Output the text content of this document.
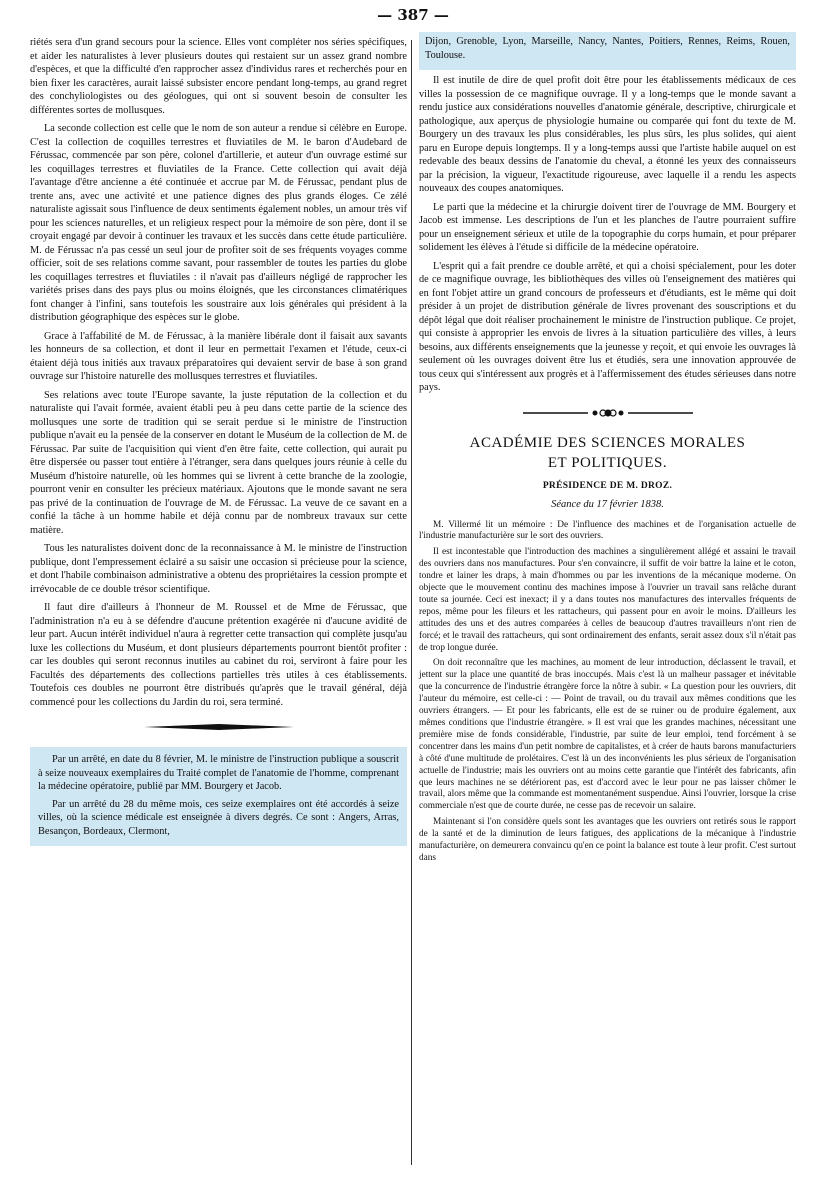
— 387 —

riétés sera d'un grand secours pour la science. Elles vont compléter nos séries spécifiques, et aider les naturalistes à lever plusieurs doutes qui restaient sur un assez grand nombre d'espèces, et que la difficulté d'en rapprocher assez d'individus rares et recherchés pour en bien fixer les caractères, aurait laissé subsister encore pendant long-temps, au grand regret des conchyliologistes ou des géologues, qui ont si souvent besoin de consulter les différentes sortes de mollusques.

La seconde collection est celle que le nom de son auteur a rendue si célèbre en Europe. C'est la collection de coquilles terrestres et fluviatiles de M. le baron d'Audebard de Férussac, commencée par son père, colonel d'artillerie, et auteur d'un ouvrage estimé sur les coquillages terrestres et fluviatiles de la France. Cette collection qui avait déjà l'avantage d'être ancienne a été continuée et accrue par M. de Férussac, pendant plus de trente ans, avec une activité et une patience dignes des plus grands éloges. Ce zélé naturaliste agissait sous l'influence de deux sentiments également nobles, un amour très vif pour les sciences naturelles, et un religieux respect pour la mémoire de son père, dont il se croyait engagé par devoir à continuer les travaux et les succès dans cette étude particulière. M. de Férussac n'a pas cessé un seul jour de profiter soit de ses fréquents voyages comme officier, soit de ses relations comme savant, pour rassembler de toutes les parties du globe les coquillages terrestres et fluviatiles : il n'avait pas d'ailleurs négligé de rapprocher les variétés prises dans des pays plus ou moins éloignés, que les circonstances climatériques font changer à l'infini, sans toutefois les soustraire aux lois générales qui président à la distribution géographique des espèces sur le globe.

Grace à l'affabilité de M. de Férussac, à la manière libérale dont il faisait aux savants les honneurs de sa collection, et dont il leur en permettait l'examen et l'étude, ceux-ci étaient déjà tous initiés aux travaux préparatoires qui devaient servir de base à son grand ouvrage sur l'histoire naturelle des mollusques terrestres et fluviatiles.

Ses relations avec toute l'Europe savante, la juste réputation de la collection et du naturaliste qui l'avait formée, avaient établi peu à peu dans cette partie de la science des mollusques une sorte de tradition qui se serait perdue si le ministre de l'instruction publique n'avait eu la pensée de la conserver en dotant le Muséum de la collection de M. de Férussac. Par suite de l'acquisition qui vient d'en être faite, cette collection, qui aurait pu être dispersée ou passer tout entière à l'étranger, sera dans quelques jours réunie à celle du Muséum d'histoire naturelle, où les hommes qui se livrent à cette branche de la zoologie, pourront venir en consulter les précieux matériaux. Ajoutons que le monde savant ne sera pas privé de la continuation de l'ouvrage de M. de Férussac. La veuve de ce savant en a confié la tâche à un homme habile et déjà connu par de nombreux travaux sur cette matière.

Tous les naturalistes doivent donc de la reconnaissance à M. le ministre de l'instruction publique, dont l'empressement éclairé a su saisir une occasion si précieuse pour la science, et dont l'habile combinaison administrative a obtenu des propriétaires la cession prompte et irrévocable de ce double trésor scientifique.

Il faut dire d'ailleurs à l'honneur de M. Roussel et de Mme de Férussac, que l'administration n'a eu à se défendre d'aucune prétention exagérée ni d'aucune avidité de leur part. Aucun intérêt individuel n'aura à regretter cette transaction qui complète jusqu'au luxe les collections du Muséum, et dont plusieurs départements pourront bientôt profiter : car les doubles qui seront reconnus inutiles au cabinet du roi, serviront à faire pour les Facultés des départements des collections partielles très utiles à ces établissements. Toutefois ces doubles ne pourront être distribués qu'après que le travail général, déjà commencé pour les collections du Jardin du roi, sera terminé.

Par un arrêté, en date du 8 février, M. le ministre de l'instruction publique a souscrit à seize nouveaux exemplaires du Traité complet de l'anatomie de l'homme, comprenant la médecine opératoire, publié par MM. Bourgery et Jacob.

Par un arrêté du 28 du même mois, ces seize exemplaires ont été accordés à seize villes, où la science médicale est enseignée à divers degrés. Ce sont : Angers, Arras, Besançon, Bordeaux, Clermont,

Dijon, Grenoble, Lyon, Marseille, Nancy, Nantes, Poitiers, Rennes, Reims, Rouen, Toulouse.

Il est inutile de dire de quel profit doit être pour les établissements médicaux de ces villes la possession de ce magnifique ouvrage. Il y a long-temps que le monde savant a rendu justice aux considérations nouvelles d'anatomie générale, descriptive, chirurgicale et pathologique, aux aperçus de physiologie humaine ou comparée qui font du texte de M. Bourgery un des travaux les plus considérables, les plus sûrs, les plus solides, qui aient paru en Europe depuis longtemps. Il y a long-temps aussi que l'artiste habile auquel on est redevable des beaux dessins de l'anatomie du cheval, a étonné les yeux des connaisseurs par la précision, la vigueur, l'exactitude rigoureuse, avec laquelle il a rendu les aspects nouveaux des coupes anatomiques.

Le parti que la médecine et la chirurgie doivent tirer de l'ouvrage de MM. Bourgery et Jacob est immense. Les descriptions de l'un et les planches de l'autre pourraient suffire pour un enseignement sérieux et utile de la topographie du corps humain, et pour préparer solidement les élèves à l'étude si difficile de la médecine opératoire.

L'esprit qui a fait prendre ce double arrêté, et qui a choisi spécialement, pour les doter de ce magnifique ouvrage, les bibliothèques des villes où l'enseignement des matières qui en font l'objet attire un grand concours de professeurs et d'étudiants, est le même qui doit présider à un projet de distribution générale de livres provenant des souscriptions et du dépôt légal que doit réaliser prochainement le ministre de l'instruction publique. Ce projet, qui consiste à approprier les envois de livres à la situation particulière des villes, à leurs besoins, aux différents enseignements que la jeunesse y reçoit, et qui envoie les ouvrages là seulement où les ouvrages doivent être lus et étudiés, sera une innovation approuvée de tous ceux qui s'intéressent aux progrès et à l'affermissement des études sérieuses dans notre pays.

ACADÉMIE DES SCIENCES MORALES
ET POLITIQUES.
PRÉSIDENCE DE M. DROZ.
Séance du 17 février 1838.

M. Villermé lit un mémoire : De l'influence des machines et de l'organisation actuelle de l'industrie manufacturière sur le sort des ouvriers.

Il est incontestable que l'introduction des machines a singulièrement allégé et assaini le travail des ouvriers dans nos manufactures. Pour s'en convaincre, il suffit de voir battre la laine et le coton, tondre et lainer les draps, à main d'hommes ou par les inventions de la mécanique moderne. On objecte que le mouvement continu des machines impose à l'ouvrier un travail sans relâche durant toute sa journée. Ceci est inexact; il y a dans toutes nos manufactures des intervalles fréquents de repos, même pour les fileurs et les rattacheurs, qui passent pour en avoir le moins. D'ailleurs les attitudes des uns et des autres comparées à celles de beaucoup d'autres travailleurs n'ont rien de forcé; et le travail des rattacheurs, qui sont ordinairement des enfants, serait assez doux s'il n'était pas de trop longue durée.

On doit reconnaître que les machines, au moment de leur introduction, déclassent le travail, et jettent sur la place une quantité de bras inoccupés. Mais c'est là un malheur passager et inévitable que la concurrence de l'industrie étrangère force la nôtre à subir. « La question pour les ouvriers, dit l'auteur du mémoire, est celle-ci : — Point de travail, ou du travail aux mêmes conditions que les ouvriers étrangers. — Et pour les fabricants, elle est de se ruiner ou de produire également, aux mêmes conditions que l'industrie étrangère. » Il est vrai que les grandes machines, nécessitant une première mise de fonds considérable, l'industrie, par suite de leur emploi, tend forcément à se concentrer dans les mains d'un petit nombre de capitalistes, et à créer de hauts barons manufacturiers à côté d'une multitude de prolétaires. C'est là un des inconvénients les plus sérieux de l'organisation actuelle de l'industrie; mais les ouvriers ont au moins cette garantie que l'intérêt des fabricants, afin que leurs machines ne se détériorent pas, est d'accord avec le leur pour ne pas laisser chômer le travail, alors même que la commande est momentanément suspendue. Ainsi l'ouvrier, lorsque la crise commerciale n'est que de courte durée, ne cesse pas de recevoir un salaire.

Maintenant si l'on considère quels sont les avantages que les ouvriers ont retirés sous le rapport de la santé et de la diminution de leurs fatigues, des applications de la mécanique à l'industrie manufacturière, on demeurera convaincu qu'en ce point la balance est toute à leur profit. C'est surtout dans
